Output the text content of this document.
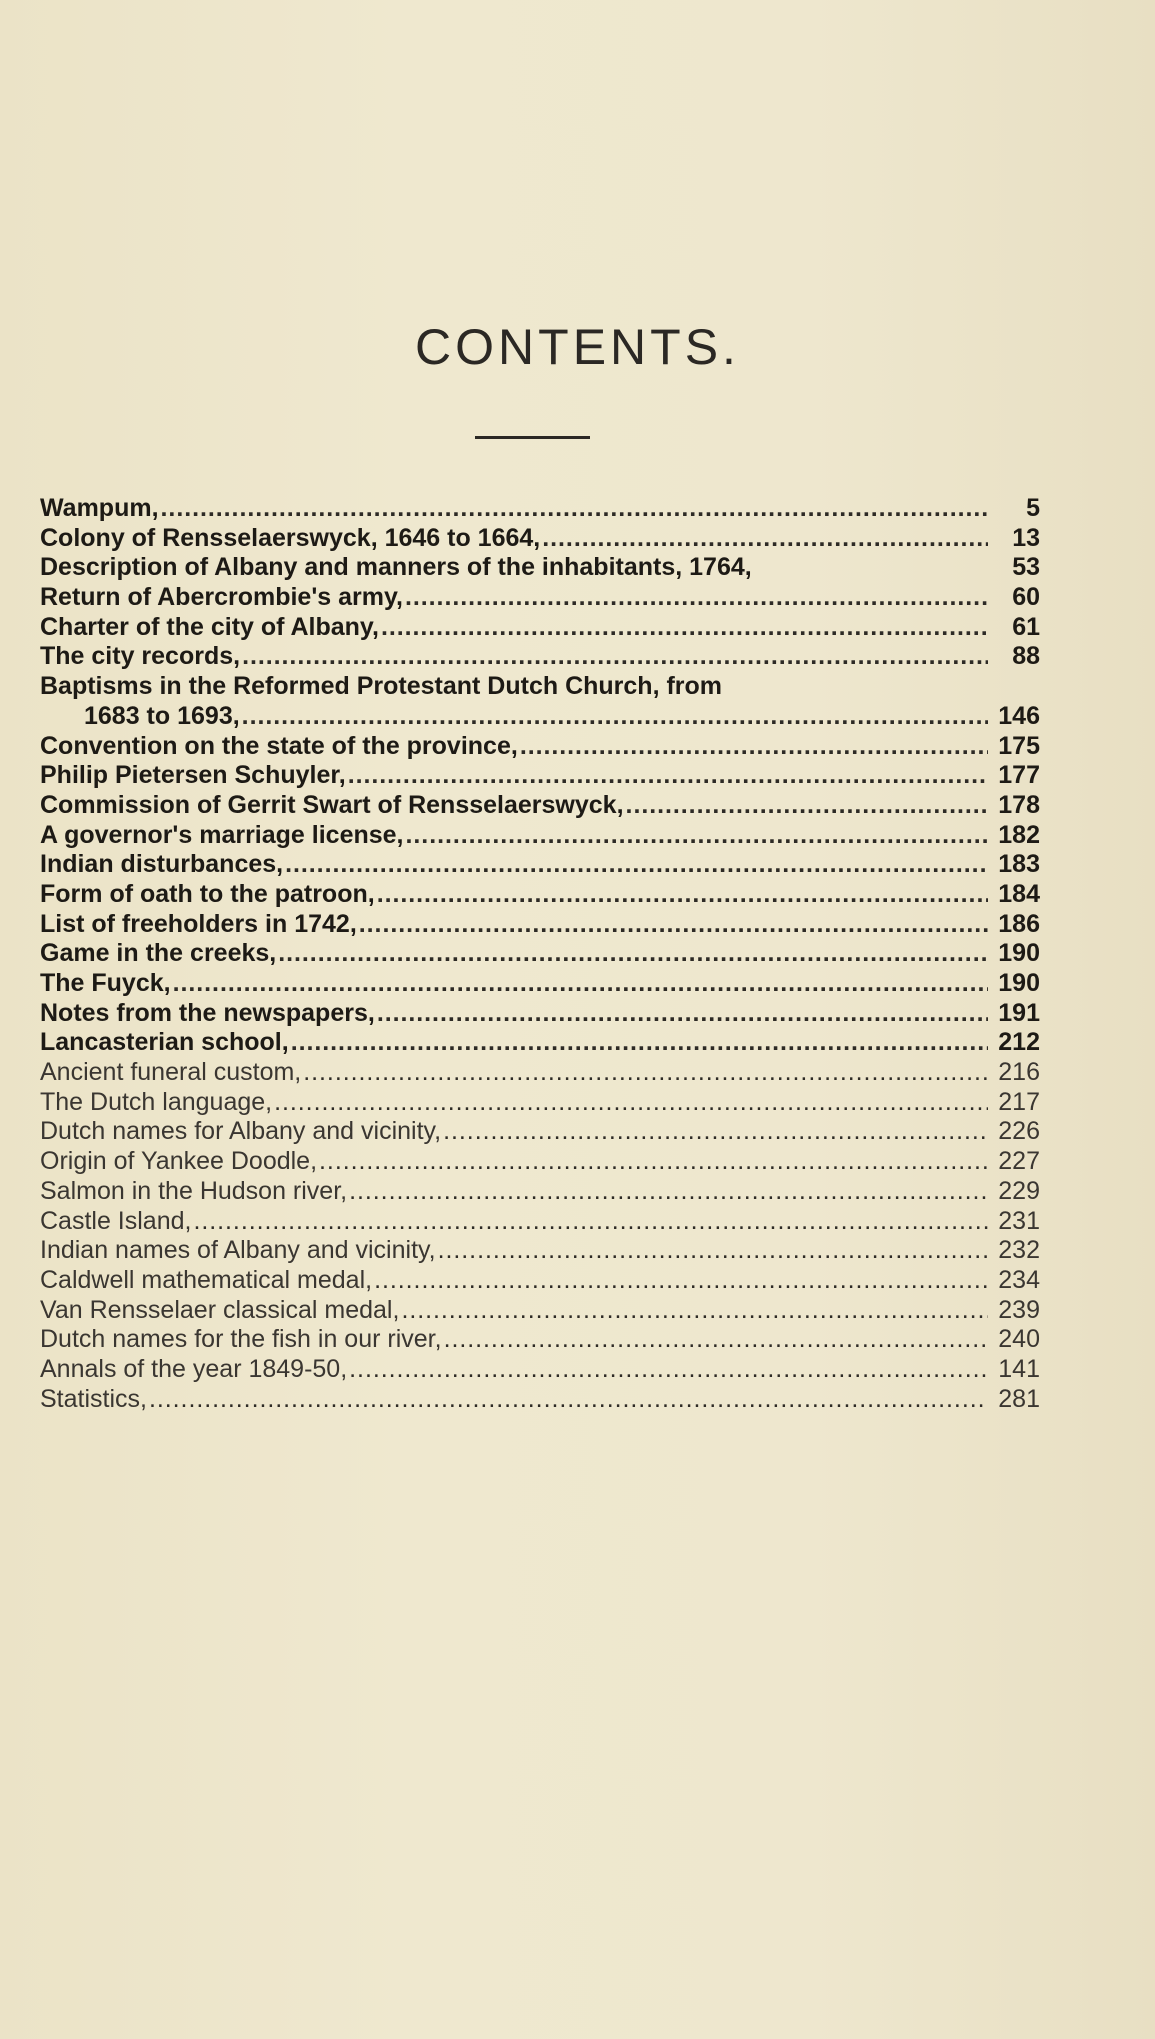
CONTENTS.
Wampum, . . .	5
Colony of Rensselaerswyck, 1646 to 1664, . . .	13
Description of Albany and manners of the inhabitants, 1764,	53
Return of Abercrombie's army, . . .	60
Charter of the city of Albany, . . .	61
The city records, . . .	88
Baptisms in the Reformed Protestant Dutch Church, from
1683 to 1693, . . .	146
Convention on the state of the province, . . .	175
Philip Pietersen Schuyler, . . .	177
Commission of Gerrit Swart of Rensselaerswyck, . . .	178
A governor's marriage license, . . .	182
Indian disturbances, . . .	183
Form of oath to the patroon, . . .	184
List of freeholders in 1742, . . .	186
Game in the creeks, . . .	190
The Fuyck, . . .	190
Notes from the newspapers, . . .	191
Lancasterian school, . . .	212
Ancient funeral custom, . . .	216
The Dutch language, . . .	217
Dutch names for Albany and vicinity, . . .	226
Origin of Yankee Doodle, . . .	227
Salmon in the Hudson river, . . .	229
Castle Island, . . .	231
Indian names of Albany and vicinity, . . .	232
Caldwell mathematical medal, . . .	234
Van Rensselaer classical medal, . . .	239
Dutch names for the fish in our river, . . .	240
Annals of the year 1849-50, . . .	141
Statistics, . . .	281
